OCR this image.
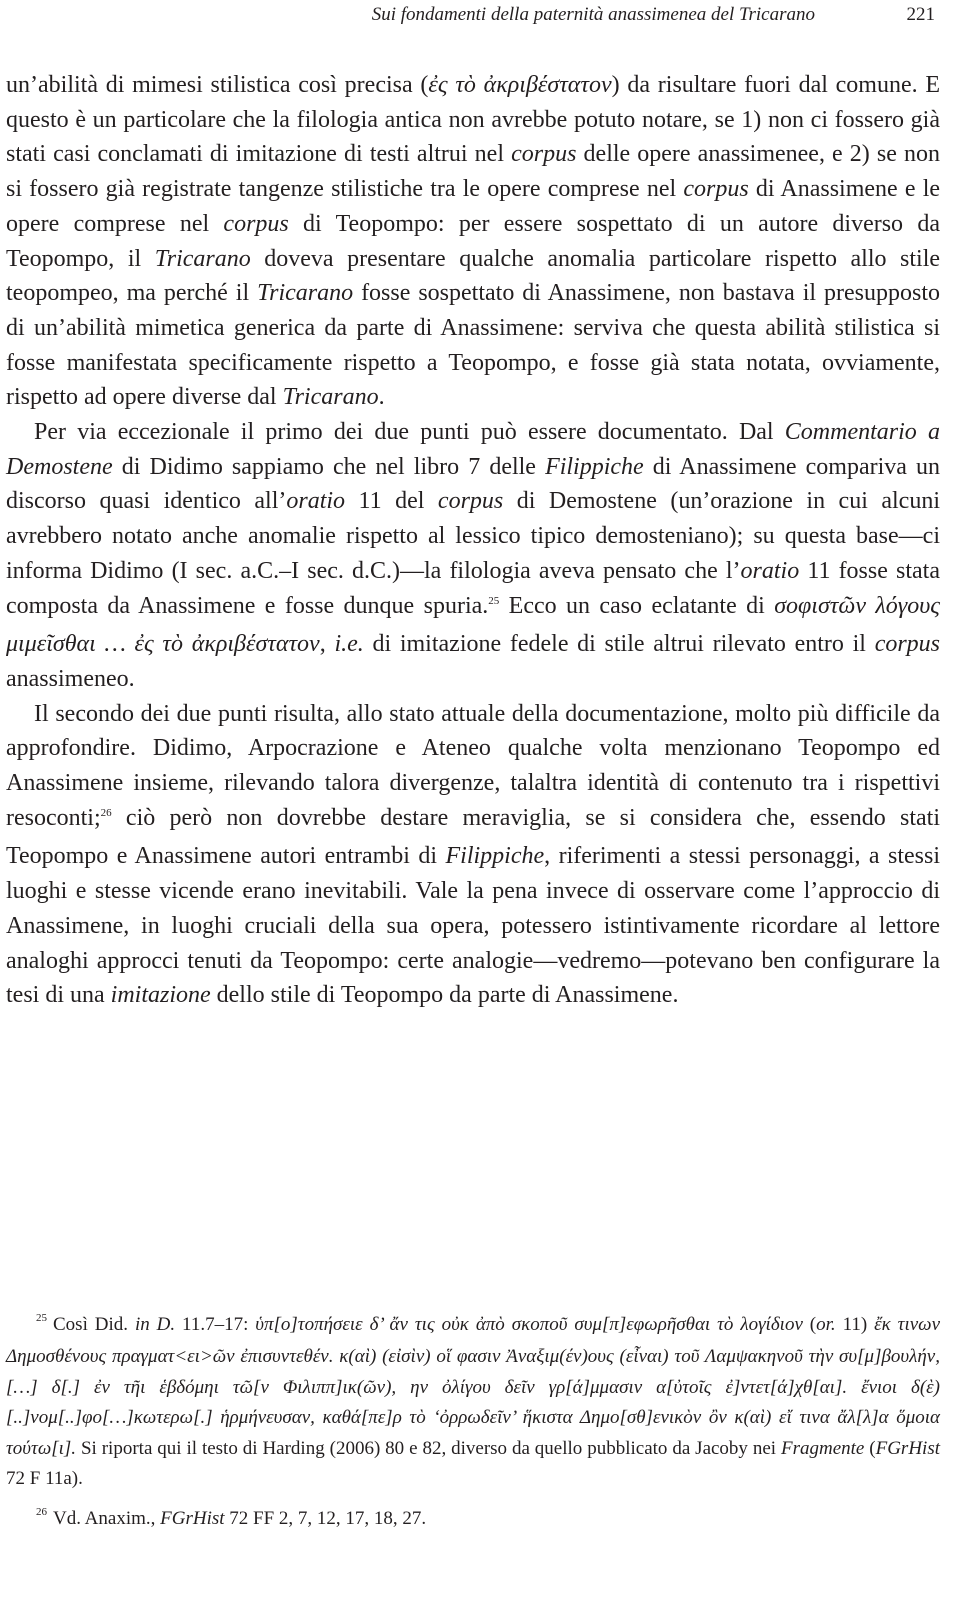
Sui fondamenti della paternità anassimenea del Tricarano	221

un’abilità di mimesi stilistica così precisa (ἐς τὸ ἀκριβέστατον) da risultare fuori dal comune. E questo è un particolare che la filologia antica non avrebbe potuto notare, se 1) non ci fossero già stati casi conclamati di imitazione di testi altrui nel corpus delle opere anassimenee, e 2) se non si fossero già registrate tangenze stilistiche tra le opere comprese nel corpus di Anassimene e le opere comprese nel corpus di Teopompo: per essere sospettato di un autore diverso da Teopompo, il Tricarano doveva presentare qualche anomalia particolare rispetto allo stile teopompeo, ma perché il Tricarano fosse sospettato di Anassimene, non bastava il presupposto di un’abilità mimetica generica da parte di Anassimene: serviva che questa abilità stilistica si fosse manifestata specificamente rispetto a Teopompo, e fosse già stata notata, ovviamente, rispetto ad opere diverse dal Tricarano.

Per via eccezionale il primo dei due punti può essere documentato. Dal Commentario a Demostene di Didimo sappiamo che nel libro 7 delle Filippiche di Anassimene compariva un discorso quasi identico all’oratio 11 del corpus di Demostene (un’orazione in cui alcuni avrebbero notato anche anomalie rispetto al lessico tipico demosteniano); su questa base—ci informa Didimo (I sec. a.C.–I sec. d.C.)—la filologia aveva pensato che l’oratio 11 fosse stata composta da Anassimene e fosse dunque spuria.$^{25}$ Ecco un caso eclatante di σοφιστῶν λόγους μιμεῖσθαι … ἐς τὸ ἀκριβέστατον, i.e. di imitazione fedele di stile altrui rilevato entro il corpus anassimeneo.

Il secondo dei due punti risulta, allo stato attuale della documentazione, molto più difficile da approfondire. Didimo, Arpocrazione e Ateneo qualche volta menzionano Teopompo ed Anassimene insieme, rilevando talora divergenze, talaltra identità di contenuto tra i rispettivi resoconti;$^{26}$ ciò però non dovrebbe destare meraviglia, se si considera che, essendo stati Teopompo e Anassimene autori entrambi di Filippiche, riferimenti a stessi personaggi, a stessi luoghi e stesse vicende erano inevitabili. Vale la pena invece di osservare come l’approccio di Anassimene, in luoghi cruciali della sua opera, potessero istintivamente ricordare al lettore analoghi approcci tenuti da Teopompo: certe analogie—vedremo—potevano ben configurare la tesi di una imitazione dello stile di Teopompo da parte di Anassimene.

$^{25}$ Così Did. in D. 11.7–17: ὑπ[ο]τοπήσειε δ’ ἄν τις οὐκ ἀπὸ σκοποῦ συμ[π]εφωρῆσθαι τὸ λογίδιον (or. 11) ἔκ τινων Δημοσθένους πραγματ<ει>ῶν ἐπισυντεθέν. κ(αὶ) (εἰσὶν) οἵ φασιν Ἀναξιμ(έν)ους (εἶναι) τοῦ Λαμψακηνοῦ τὴν συ[μ]βουλήν, […] δ[.] ἐν τῆι ἑβδόμηι τῶ[ν Φιλιππ]ικ(ῶν), ην ὀλίγου δεῖν γρ[ά]μμασιν α[ὐτοῖς ἐ]ντετ[ά]χθ[αι]. ἔνιοι δ(ὲ) [..]νομ[..]φο[…]κωτερω[.] ἡρμήνευσαν, καθά[πε]ρ τὸ ‘ὀρρωδεῖν’ ἥκιστα Δημο[σθ]ενικὸν ὂν κ(αὶ) εἴ τινα ἄλ[λ]α ὅμοια τούτω[ι]. Si riporta qui il testo di Harding (2006) 80 e 82, diverso da quello pubblicato da Jacoby nei Fragmente (FGrHist 72 F 11a).

$^{26}$ Vd. Anaxim., FGrHist 72 FF 2, 7, 12, 17, 18, 27.
